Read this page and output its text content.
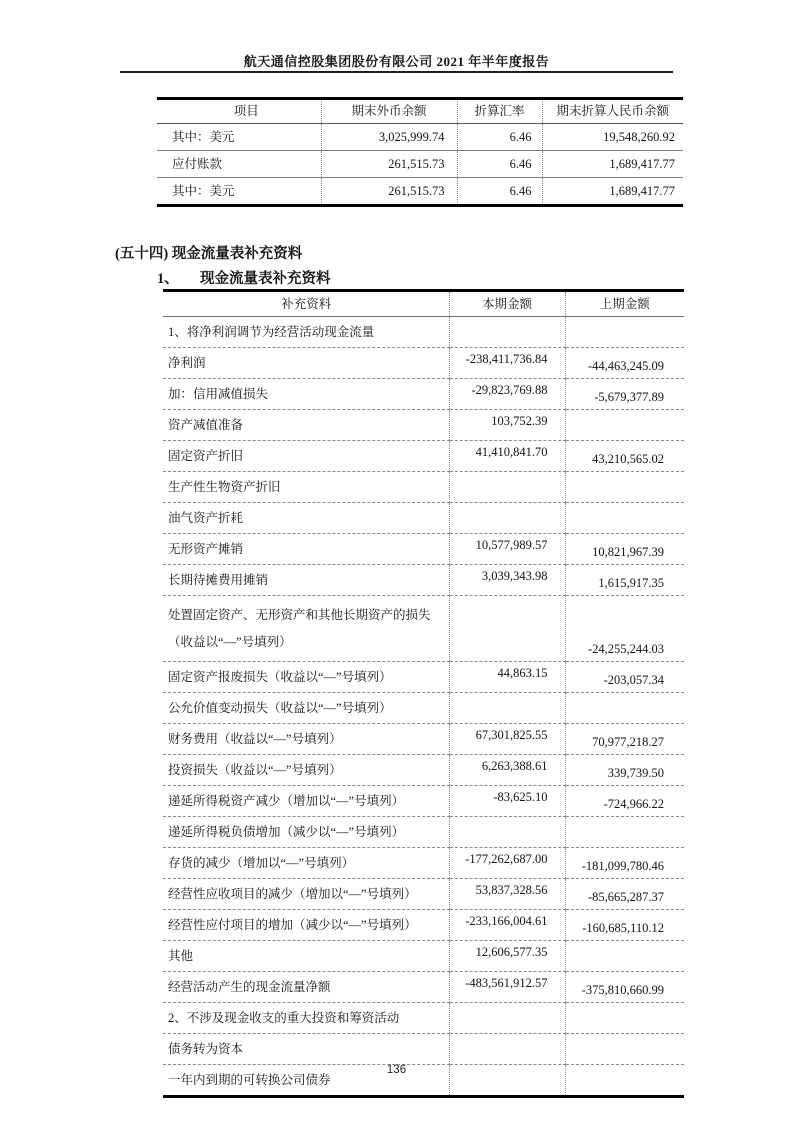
航天通信控股集团股份有限公司 2021 年半年度报告
项目	期末外币余额	折算汇率	期末折算人民币余额
其中：美元	3,025,999.74	6.46	19,548,260.92
应付账款	261,515.73	6.46	1,689,417.77
其中：美元	261,515.73	6.46	1,689,417.77
(五十四) 现金流量表补充资料
1、 现金流量表补充资料
补充资料	本期金额	上期金额
1、将净利润调节为经营活动现金流量		
净利润	-238,411,736.84	-44,463,245.09
加：信用减值损失	-29,823,769.88	-5,679,377.89
资产减值准备	103,752.39	
固定资产折旧	41,410,841.70	43,210,565.02
生产性生物资产折旧		
油气资产折耗		
无形资产摊销	10,577,989.57	10,821,967.39
长期待摊费用摊销	3,039,343.98	1,615,917.35
处置固定资产、无形资产和其他长期资产的损失（收益以“—”号填列）		-24,255,244.03
固定资产报废损失（收益以“—”号填列）	44,863.15	-203,057.34
公允价值变动损失（收益以“—”号填列）		
财务费用（收益以“—”号填列）	67,301,825.55	70,977,218.27
投资损失（收益以“—”号填列）	6,263,388.61	339,739.50
递延所得税资产减少（增加以“—”号填列）	-83,625.10	-724,966.22
递延所得税负债增加（减少以“—”号填列）		
存货的减少（增加以“—”号填列）	-177,262,687.00	-181,099,780.46
经营性应收项目的减少（增加以“—”号填列）	53,837,328.56	-85,665,287.37
经营性应付项目的增加（减少以“—”号填列）	-233,166,004.61	-160,685,110.12
其他	12,606,577.35	
经营活动产生的现金流量净额	-483,561,912.57	-375,810,660.99
2、不涉及现金收支的重大投资和筹资活动		
债务转为资本		
一年内到期的可转换公司债券		
136
